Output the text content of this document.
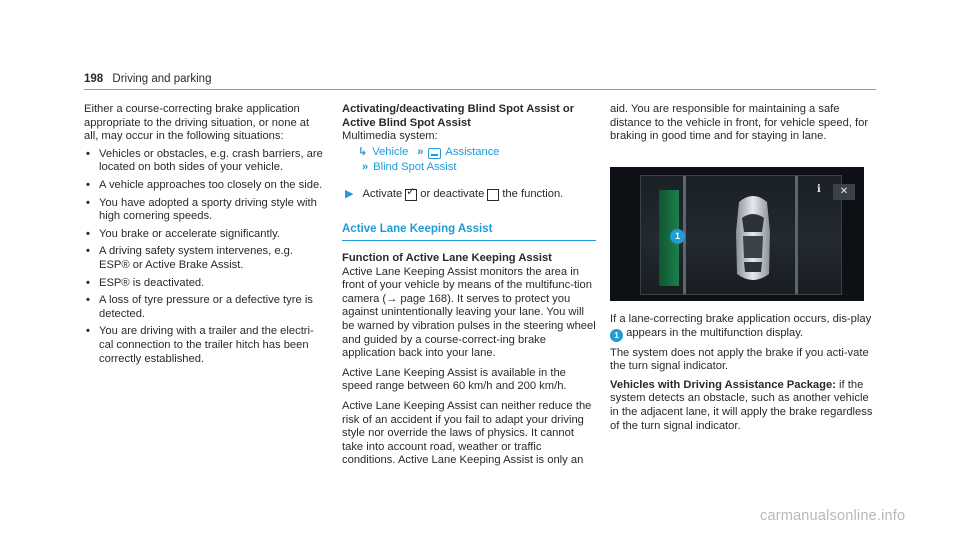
198 Driving and parking

Either a course-correcting brake application appropriate to the driving situation, or none at all, may occur in the following situations:

• Vehicles or obstacles, e.g. crash barriers, are located on both sides of your vehicle.
• A vehicle approaches too closely on the side.
• You have adopted a sporty driving style with high cornering speeds.
• You brake or accelerate significantly.
• A driving safety system intervenes, e.g. ESP® or Active Brake Assist.
• ESP® is deactivated.
• A loss of tyre pressure or a defective tyre is detected.
• You are driving with a trailer and the electri-cal connection to the trailer hitch has been correctly established.

Activating/deactivating Blind Spot Assist or Active Blind Spot Assist

Multimedia system:

↳ Vehicle » Assistance
» Blind Spot Assist
▶ Activate
✓ or deactivate the function.
Active Lane Keeping Assist

Function of Active Lane Keeping Assist

Active Lane Keeping Assist monitors the area in front of your vehicle by means of the multifunc-tion camera (→ page 168). It serves to protect you against unintentionally leaving your lane. You will be warned by vibration pulses in the steering wheel and guided by a course-correct-ing brake application back into your lane.

Active Lane Keeping Assist is available in the speed range between 60 km/h and 200 km/h.

Active Lane Keeping Assist can neither reduce the risk of an accident if you fail to adapt your driving style nor override the laws of physics. It cannot take into account road, weather or traffic conditions. Active Lane Keeping Assist is only an

aid. You are responsible for maintaining a safe distance to the vehicle in front, for vehicle speed, for braking in good time and for staying in lane.

i	✕
1

If a lane-correcting brake application occurs, dis-play 1 appears in the multifunction display.

The system does not apply the brake if you acti-vate the turn signal indicator.

Vehicles with Driving Assistance Package: if the system detects an obstacle, such as another vehicle in the adjacent lane, it will apply the brake regardless of the turn signal indicator.

carmanualsonline.info
